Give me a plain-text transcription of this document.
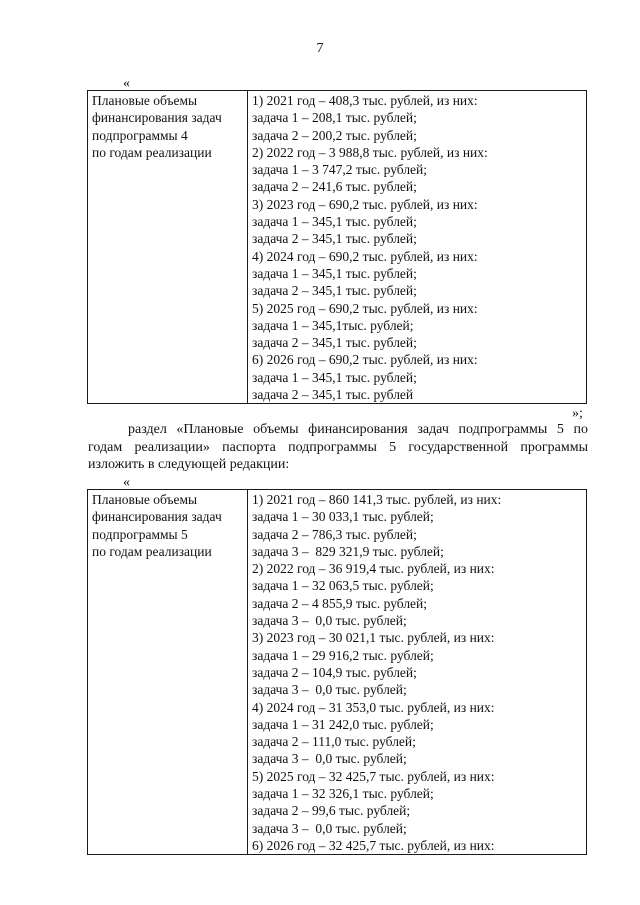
7
«
Плановые объемы
финансирования задач
подпрограммы 4
по годам реализации

1) 2021 год – 408,3 тыс. рублей, из них:
задача 1 – 208,1 тыс. рублей;
задача 2 – 200,2 тыс. рублей;
2) 2022 год – 3 988,8 тыс. рублей, из них:
задача 1 – 3 747,2 тыс. рублей;
задача 2 – 241,6 тыс. рублей;
3) 2023 год – 690,2 тыс. рублей, из них:
задача 1 – 345,1 тыс. рублей;
задача 2 – 345,1 тыс. рублей;
4) 2024 год – 690,2 тыс. рублей, из них:
задача 1 – 345,1 тыс. рублей;
задача 2 – 345,1 тыс. рублей;
5) 2025 год – 690,2 тыс. рублей, из них:
задача 1 – 345,1тыс. рублей;
задача 2 – 345,1 тыс. рублей;
6) 2026 год – 690,2 тыс. рублей, из них:
задача 1 – 345,1 тыс. рублей;
задача 2 – 345,1 тыс. рублей
»;
раздел «Плановые объемы финансирования задач подпрограммы 5 по
годам реализации» паспорта подпрограммы 5 государственной программы
изложить в следующей редакции:
«
Плановые объемы
финансирования задач
подпрограммы 5
по годам реализации

1) 2021 год – 860 141,3 тыс. рублей, из них:
задача 1 – 30 033,1 тыс. рублей;
задача 2 – 786,3 тыс. рублей;
задача 3 –  829 321,9 тыс. рублей;
2) 2022 год – 36 919,4 тыс. рублей, из них:
задача 1 – 32 063,5 тыс. рублей;
задача 2 – 4 855,9 тыс. рублей;
задача 3 –  0,0 тыс. рублей;
3) 2023 год – 30 021,1 тыс. рублей, из них:
задача 1 – 29 916,2 тыс. рублей;
задача 2 – 104,9 тыс. рублей;
задача 3 –  0,0 тыс. рублей;
4) 2024 год – 31 353,0 тыс. рублей, из них:
задача 1 – 31 242,0 тыс. рублей;
задача 2 – 111,0 тыс. рублей;
задача 3 –  0,0 тыс. рублей;
5) 2025 год – 32 425,7 тыс. рублей, из них:
задача 1 – 32 326,1 тыс. рублей;
задача 2 – 99,6 тыс. рублей;
задача 3 –  0,0 тыс. рублей;
6) 2026 год – 32 425,7 тыс. рублей, из них:
